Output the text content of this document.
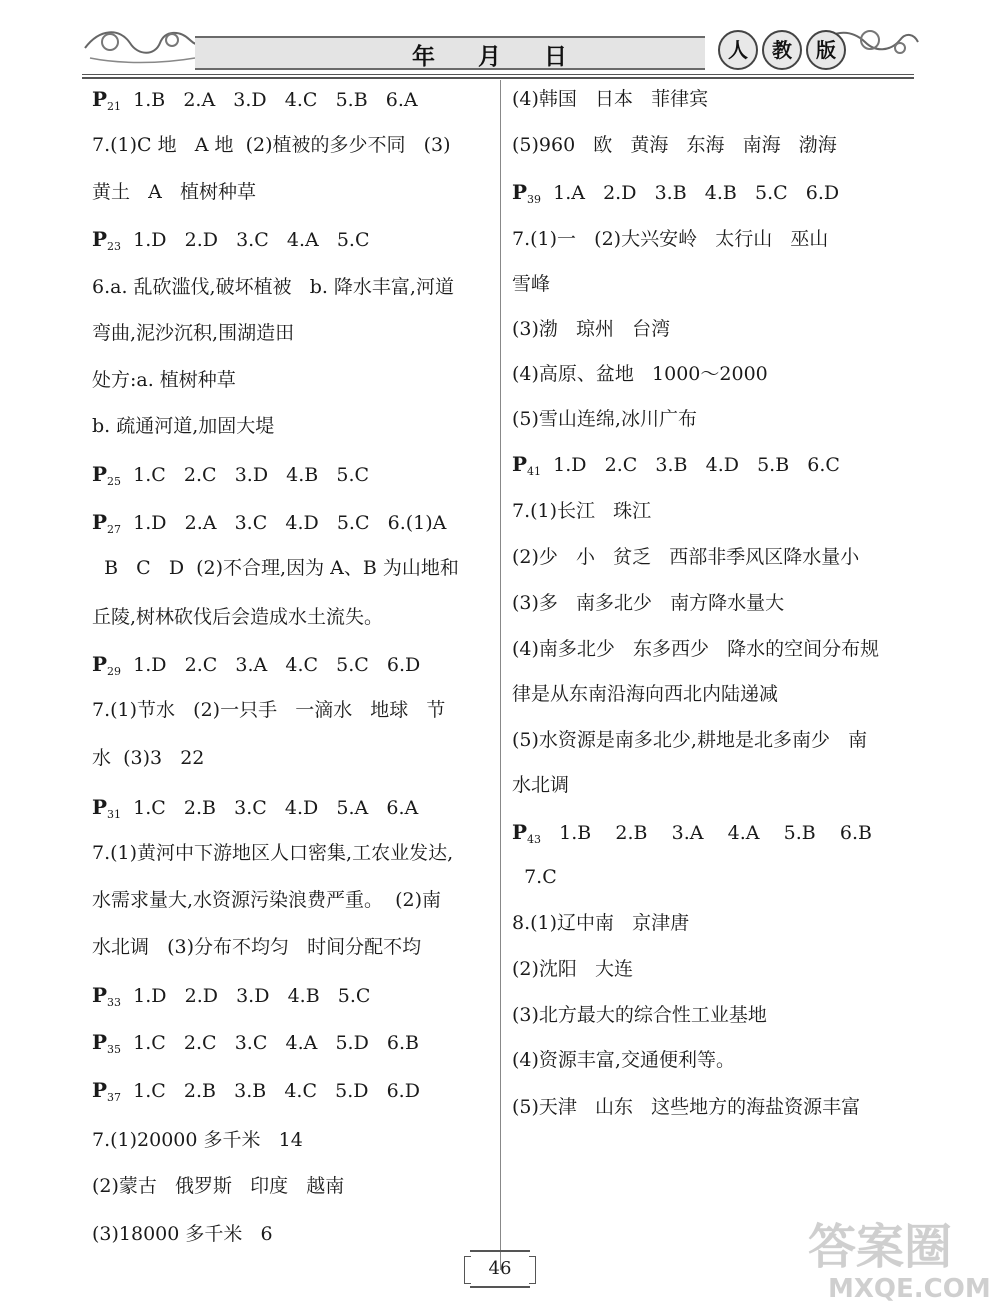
年 月 日	人	教	版
$P_{21}$  1.B   2.A   3.D   4.C   5.B   6.A
7.(1)C 地   A 地  (2)植被的多少不同   (3)
黄土   A   植树种草
$P_{23}$  1.D   2.D   3.C   4.A   5.C
6.a. 乱砍滥伐,破坏植被   b. 降水丰富,河道
弯曲,泥沙沉积,围湖造田
处方:a. 植树种草
b. 疏通河道,加固大堤
$P_{25}$  1.C   2.C   3.D   4.B   5.C
$P_{27}$  1.D   2.A   3.C   4.D   5.C   6.(1)A
B   C   D  (2)不合理,因为 A、B 为山地和
丘陵,树林砍伐后会造成水土流失。
$P_{29}$  1.D   2.C   3.A   4.C   5.C   6.D
7.(1)节水   (2)一只手   一滴水   地球   节
水  (3)3   22
$P_{31}$  1.C   2.B   3.C   4.D   5.A   6.A
7.(1)黄河中下游地区人口密集,工农业发达,
水需求量大,水资源污染浪费严重。  (2)南
水北调   (3)分布不均匀   时间分配不均
$P_{33}$  1.D   2.D   3.D   4.B   5.C
$P_{35}$  1.C   2.C   3.C   4.A   5.D   6.B
$P_{37}$  1.C   2.B   3.B   4.C   5.D   6.D
7.(1)20000 多千米   14
(2)蒙古   俄罗斯   印度   越南
(3)18000 多千米   6
(4)韩国   日本   菲律宾
(5)960   欧   黄海   东海   南海   渤海
$P_{39}$  1.A   2.D   3.B   4.B   5.C   6.D
7.(1)一   (2)大兴安岭   太行山   巫山
雪峰
(3)渤   琼州   台湾
(4)高原、盆地   1000～2000
(5)雪山连绵,冰川广布
$P_{41}$  1.D   2.C   3.B   4.D   5.B   6.C
7.(1)长江   珠江
(2)少   小   贫乏   西部非季风区降水量小
(3)多   南多北少   南方降水量大
(4)南多北少   东多西少   降水的空间分布规
律是从东南沿海向西北内陆递减
(5)水资源是南多北少,耕地是北多南少   南
水北调
$P_{43}$   1.B    2.B    3.A    4.A    5.B    6.B
7.C
8.(1)辽中南   京津唐
(2)沈阳   大连
(3)北方最大的综合性工业基地
(4)资源丰富,交通便利等。
(5)天津   山东   这些地方的海盐资源丰富
46	答案圈
MXQE.COM
